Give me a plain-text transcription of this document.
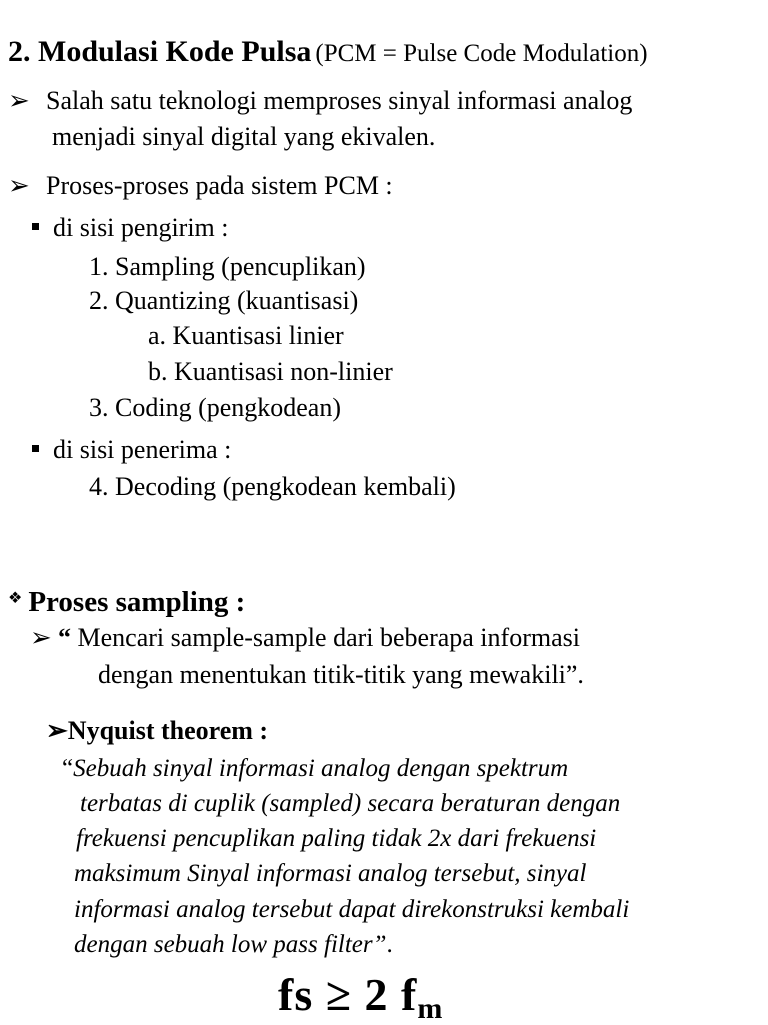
2. Modulasi Kode Pulsa (PCM = Pulse Code Modulation)
➢ Salah satu teknologi memproses sinyal informasi analog
menjadi sinyal digital yang ekivalen.
➢ Proses-proses pada sistem PCM :
di sisi pengirim :
1. Sampling (pencuplikan)
2. Quantizing (kuantisasi)
a. Kuantisasi linier
b. Kuantisasi non-linier
3. Coding (pengkodean)
di sisi penerima :
4. Decoding (pengkodean kembali)
❖ Proses sampling :
➢ “ Mencari sample-sample dari beberapa informasi
dengan menentukan titik-titik yang mewakili”.
➢Nyquist theorem :
“Sebuah sinyal informasi analog dengan spektrum
terbatas di cuplik (sampled) secara beraturan dengan
frekuensi pencuplikan paling tidak 2x dari frekuensi
maksimum Sinyal informasi analog tersebut, sinyal
informasi analog tersebut dapat direkonstruksi kembali
dengan sebuah low pass filter”.
fs ≥ 2 $f_m$
